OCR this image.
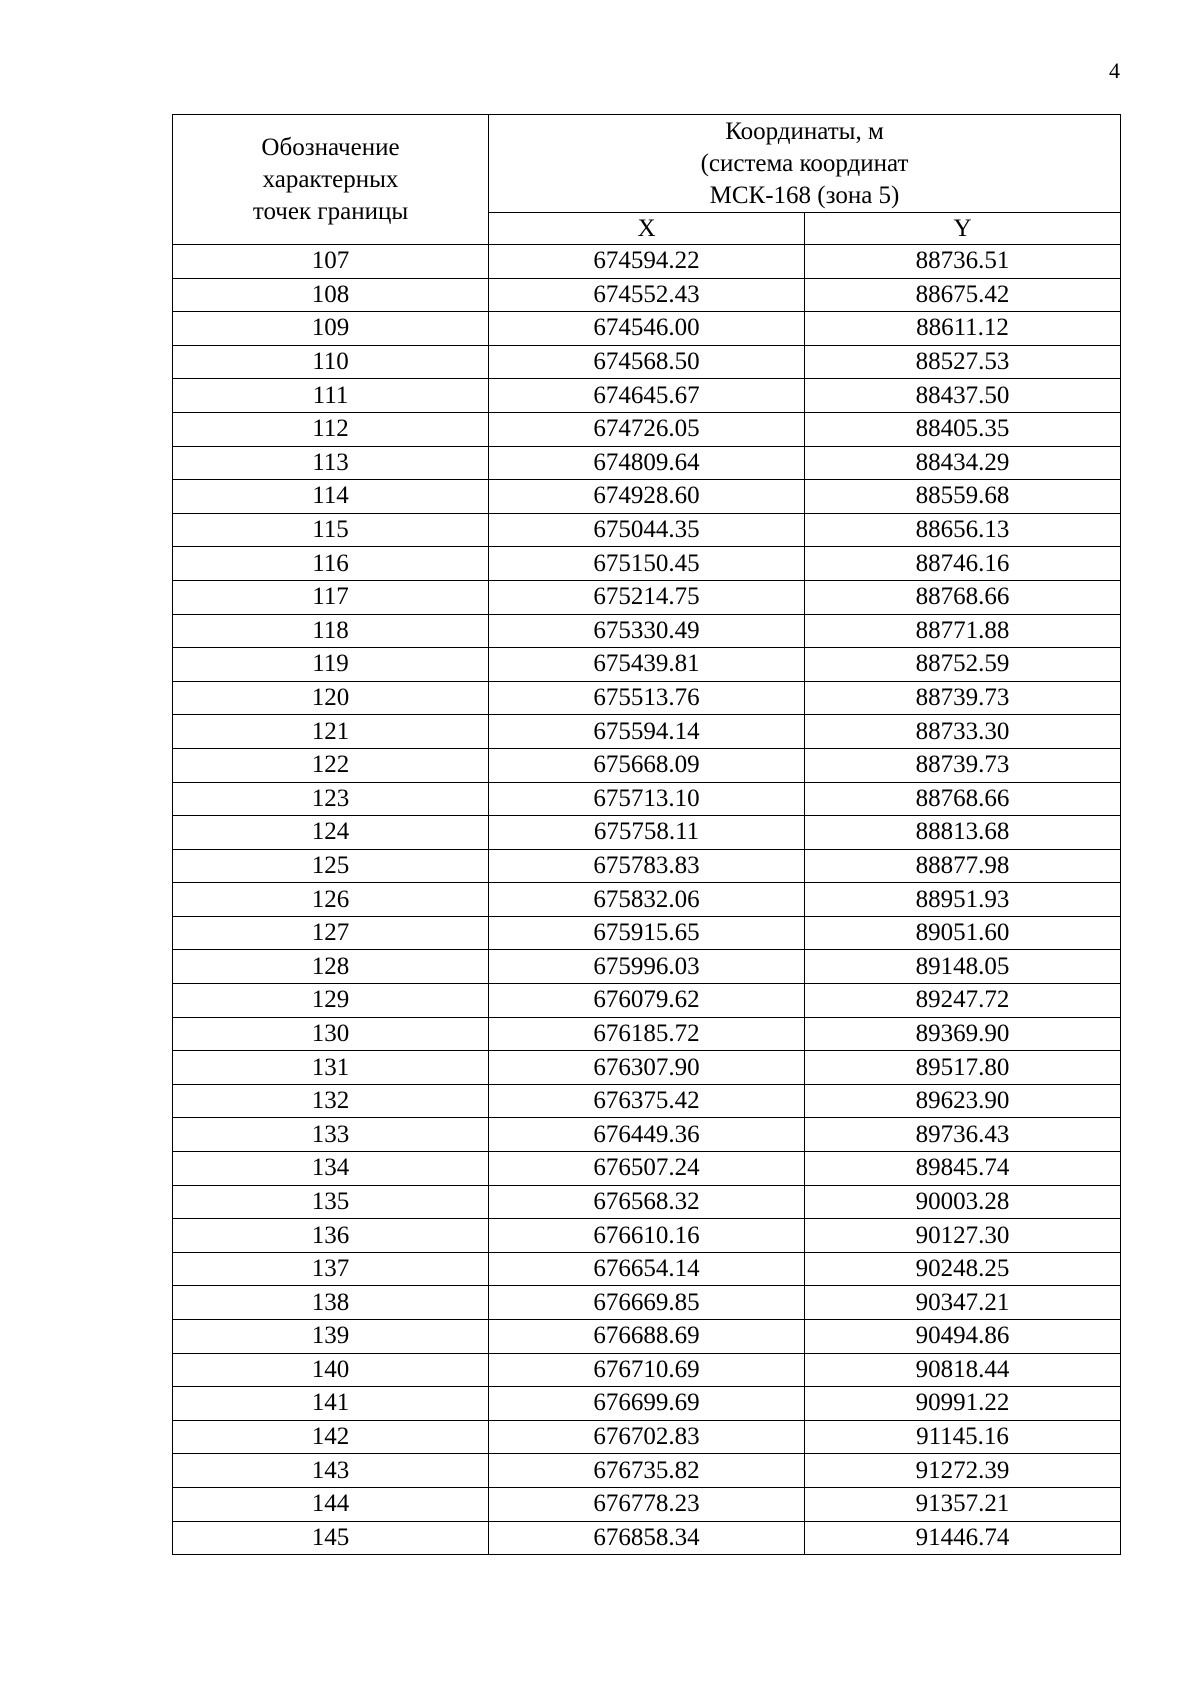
4
Обозначение характерных точек границы	Координаты, м
(система координат
МСК-168 (зона 5)	

	X	Y
107	674594.22	88736.51
108	674552.43	88675.42
109	674546.00	88611.12
110	674568.50	88527.53
111	674645.67	88437.50
112	674726.05	88405.35
113	674809.64	88434.29
114	674928.60	88559.68
115	675044.35	88656.13
116	675150.45	88746.16
117	675214.75	88768.66
118	675330.49	88771.88
119	675439.81	88752.59
120	675513.76	88739.73
121	675594.14	88733.30
122	675668.09	88739.73
123	675713.10	88768.66
124	675758.11	88813.68
125	675783.83	88877.98
126	675832.06	88951.93
127	675915.65	89051.60
128	675996.03	89148.05
129	676079.62	89247.72
130	676185.72	89369.90
131	676307.90	89517.80
132	676375.42	89623.90
133	676449.36	89736.43
134	676507.24	89845.74
135	676568.32	90003.28
136	676610.16	90127.30
137	676654.14	90248.25
138	676669.85	90347.21
139	676688.69	90494.86
140	676710.69	90818.44
141	676699.69	90991.22
142	676702.83	91145.16
143	676735.82	91272.39
144	676778.23	91357.21
145	676858.34	91446.74
